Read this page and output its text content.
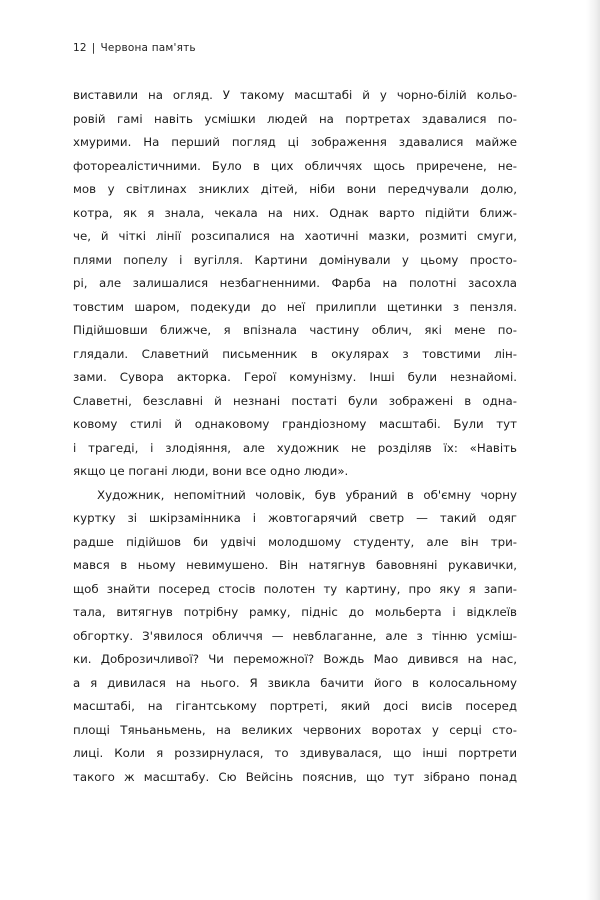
12 | Червона пам'ять
виставили на огляд. У такому масштабі й у чорно-білій кольо-
ровій гамі навіть усмішки людей на портретах здавалися по-
хмурими. На перший погляд ці зображення здавалися майже
фотореалістичними. Було в цих обличчях щось приречене, не-
мов у світлинах зниклих дітей, ніби вони передчували долю,
котра, як я знала, чекала на них. Однак варто підійти ближ-
че, й чіткі лінії розсипалися на хаотичні мазки, розмиті смуги,
плями попелу і вугілля. Картини домінували у цьому просто-
рі, але залишалися незбагненними. Фарба на полотні засохла
товстим шаром, подекуди до неї прилипли щетинки з пензля.
Підійшовши ближче, я впізнала частину облич, які мене по-
глядали. Славетний письменник в окулярах з товстими лін-
зами. Сувора акторка. Герої комунізму. Інші були незнайомі.
Славетні, безславні й незнані постаті були зображені в одна-
ковому стилі й однаковому грандіозному масштабі. Були тут
і трагеді, і злодіяння, але художник не розділяв їх: «Навіть
якщо це погані люди, вони все одно люди».
Художник, непомітний чоловік, був убраний в об'ємну чорну
куртку зі шкірзамінника і жовтогарячий светр — такий одяг
радше підійшов би удвічі молодшому студенту, але він три-
мався в ньому невимушено. Він натягнув бавовняні рукавички,
щоб знайти посеред стосів полотен ту картину, про яку я запи-
тала, витягнув потрібну рамку, підніс до мольберта і відклеїв
обгортку. З'явилося обличчя — невблаганне, але з тінню усміш-
ки. Доброзичливої? Чи переможної? Вождь Мао дивився на нас,
а я дивилася на нього. Я звикла бачити його в колосальному
масштабі, на гігантському портреті, який досі висів посеред
площі Тяньаньмень, на великих червоних воротах у серці сто-
лиці. Коли я роззирнулася, то здивувалася, що інші портрети
такого ж масштабу. Сю Вейсінь пояснив, що тут зібрано понад
